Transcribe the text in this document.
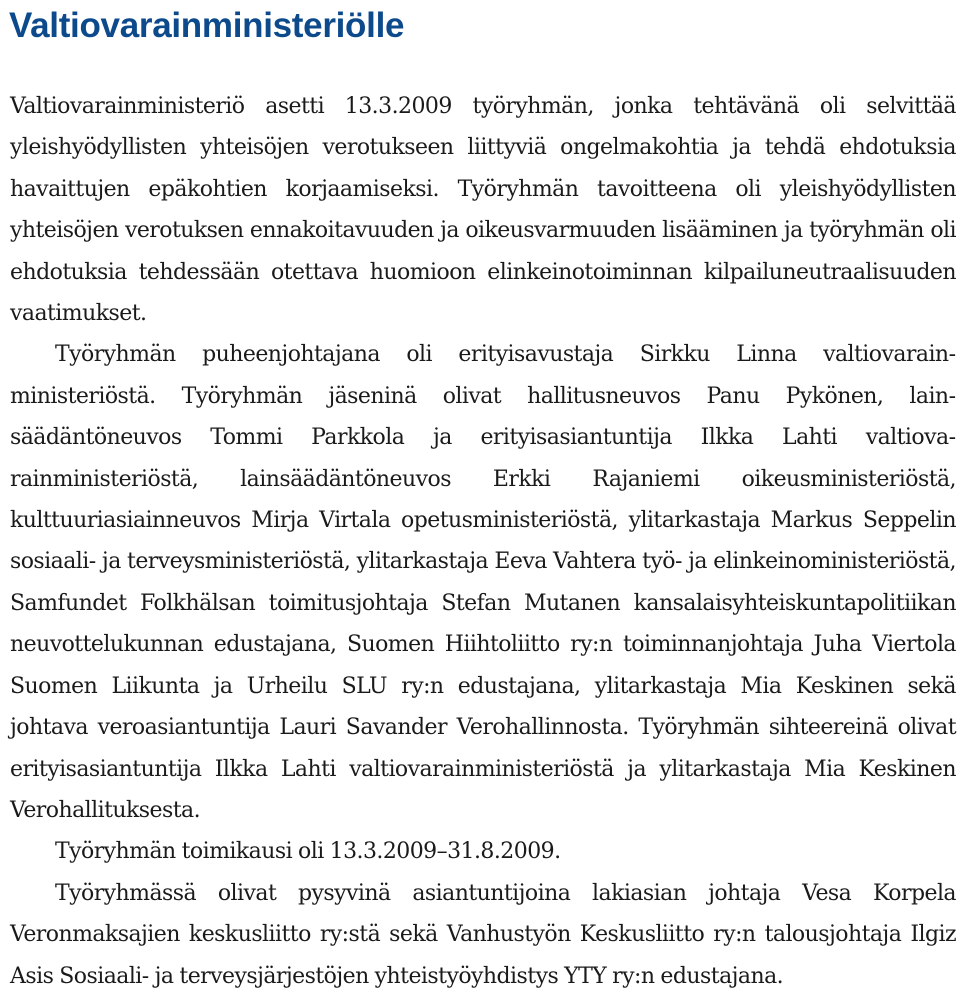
Valtiovarainministeriölle

Valtiovarainministeriö asetti 13.3.2009 työryhmän, jonka tehtävänä oli selvittää yleishyödyllisten yhteisöjen verotukseen liittyviä ongelmakohtia ja tehdä ehdotuksia havaittujen epäkohtien korjaamiseksi. Työryhmän tavoitteena oli yleishyödyllisten yhteisöjen verotuksen ennakoitavuuden ja oikeusvarmuuden lisääminen ja työryhmän oli ehdotuksia tehdessään otettava huomioon elinkeinotoiminnan kilpailuneutraalisuuden vaatimukset.

Työryhmän puheenjohtajana oli erityisavustaja Sirkku Linna valtiovarainministeriöstä. Työryhmän jäseninä olivat hallitusneuvos Panu Pykönen, lainsäädäntöneuvos Tommi Parkkola ja erityisasiantuntija Ilkka Lahti valtiovarainministeriöstä, lainsäädäntöneuvos Erkki Rajaniemi oikeusministeriöstä, kulttuuriasiainneuvos Mirja Virtala opetusministeriöstä, ylitarkastaja Markus Seppelin sosiaali- ja terveysministeriöstä, ylitarkastaja Eeva Vahtera työ- ja elinkeinoministeriöstä, Samfundet Folkhälsan toimitusjohtaja Stefan Mutanen kansalaisyhteiskuntapolitiikan neuvottelukunnan edustajana, Suomen Hiihtoliitto ry:n toiminnanjohtaja Juha Viertola Suomen Liikunta ja Urheilu SLU ry:n edustajana, ylitarkastaja Mia Keskinen sekä johtava veroasiantuntija Lauri Savander Verohallinnosta. Työryhmän sihteereinä olivat erityisasiantuntija Ilkka Lahti valtiovarainministeriöstä ja ylitarkastaja Mia Keskinen Verohallituksesta.

Työryhmän toimikausi oli 13.3.2009–31.8.2009.

Työryhmässä olivat pysyvinä asiantuntijoina lakiasian johtaja Vesa Korpela Veronmaksajien keskusliitto ry:stä sekä Vanhustyön Keskusliitto ry:n talousjohtaja Ilgiz Asis Sosiaali- ja terveysjärjestöjen yhteistyöyhdistys YTY ry:n edustajana.
